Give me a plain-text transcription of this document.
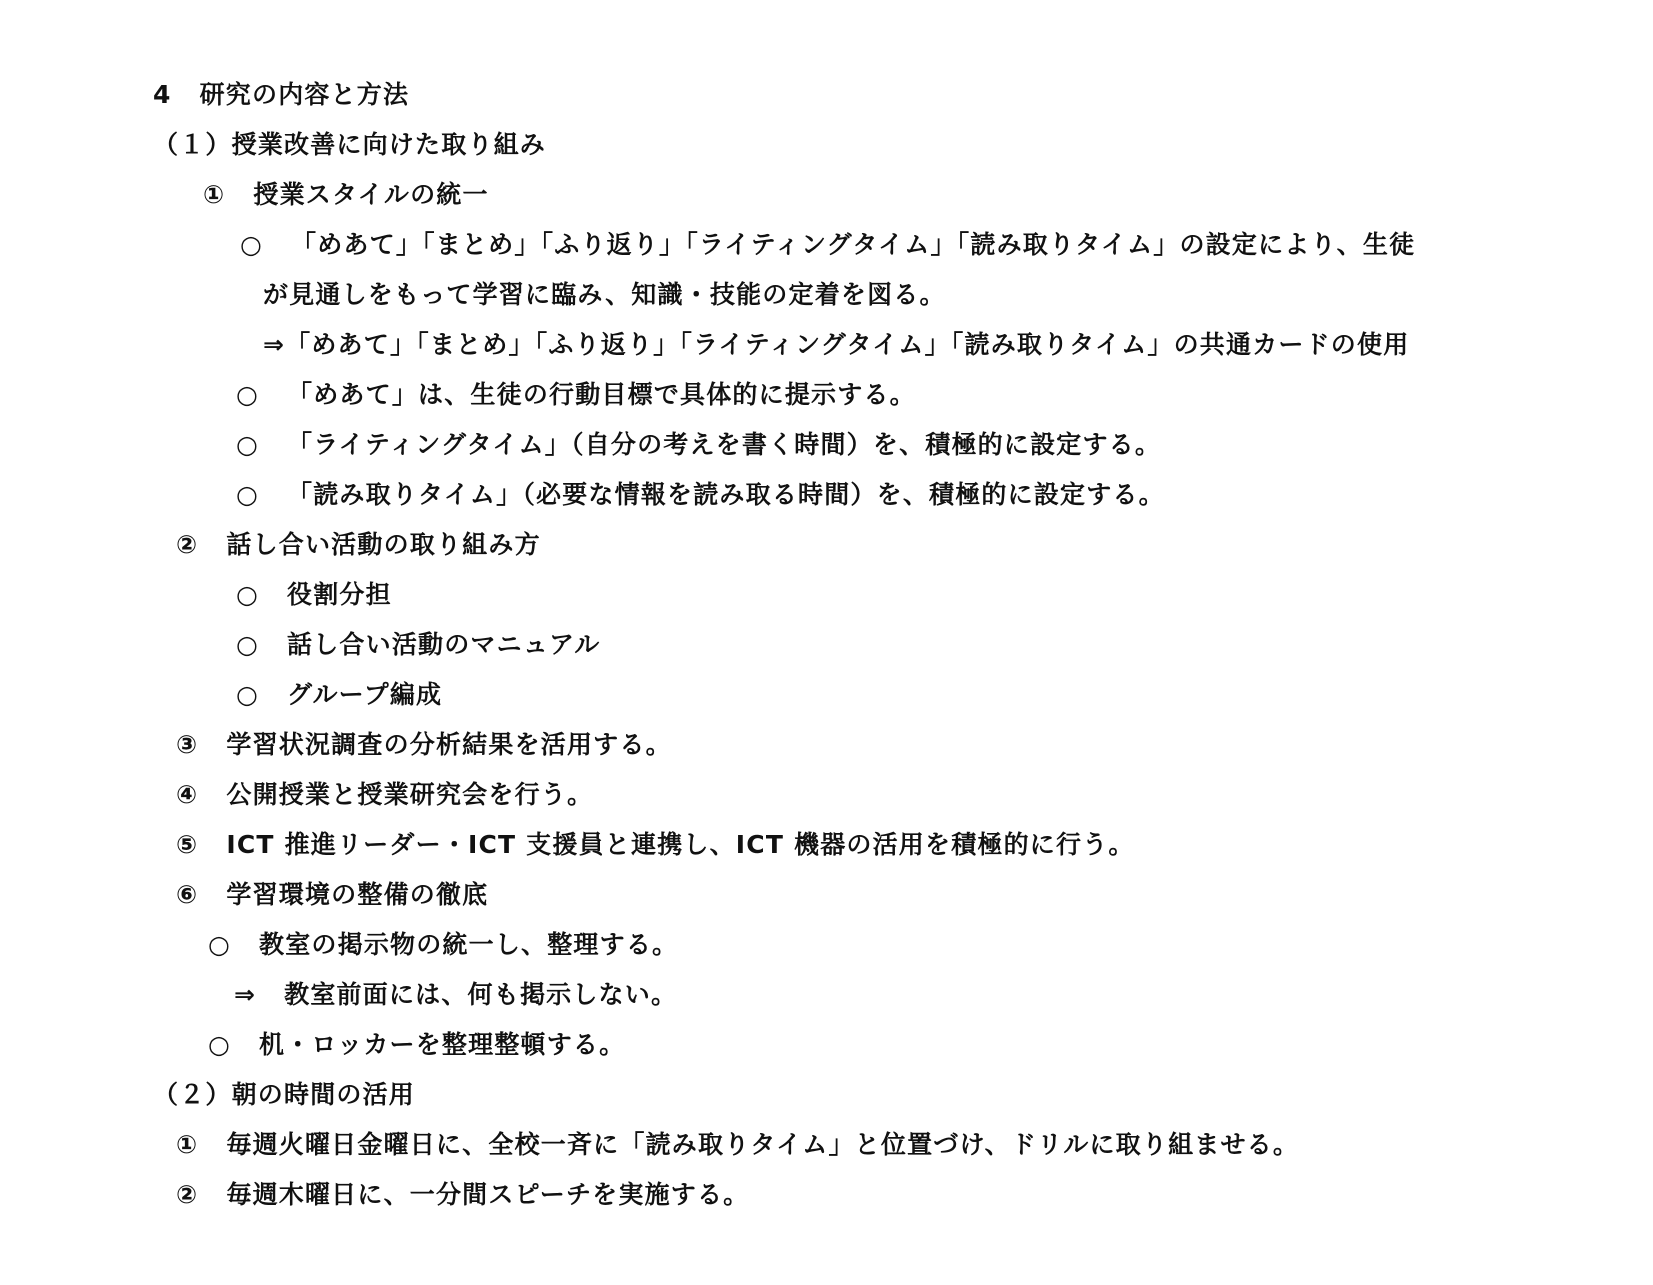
4 研究の内容と方法
（１）授業改善に向けた取り組み
① 授業スタイルの統一
○ 「めあて」「まとめ」「ふり返り」「ライティングタイム」「読み取りタイム」の設定により、生徒
が見通しをもって学習に臨み、知識・技能の定着を図る。
⇒「めあて」「まとめ」「ふり返り」「ライティングタイム」「読み取りタイム」の共通カードの使用
○ 「めあて」は、生徒の行動目標で具体的に提示する。
○ 「ライティングタイム」（自分の考えを書く時間）を、積極的に設定する。
○ 「読み取りタイム」（必要な情報を読み取る時間）を、積極的に設定する。
② 話し合い活動の取り組み方
○ 役割分担
○ 話し合い活動のマニュアル
○ グループ編成
③ 学習状況調査の分析結果を活用する。
④ 公開授業と授業研究会を行う。
⑤ ICT 推進リーダー・ICT 支援員と連携し、ICT 機器の活用を積極的に行う。
⑥ 学習環境の整備の徹底
○ 教室の掲示物の統一し、整理する。
⇒ 教室前面には、何も掲示しない。
○ 机・ロッカーを整理整頓する。
（２）朝の時間の活用
① 毎週火曜日金曜日に、全校一斉に「読み取りタイム」と位置づけ、ドリルに取り組ませる。
② 毎週木曜日に、一分間スピーチを実施する。
